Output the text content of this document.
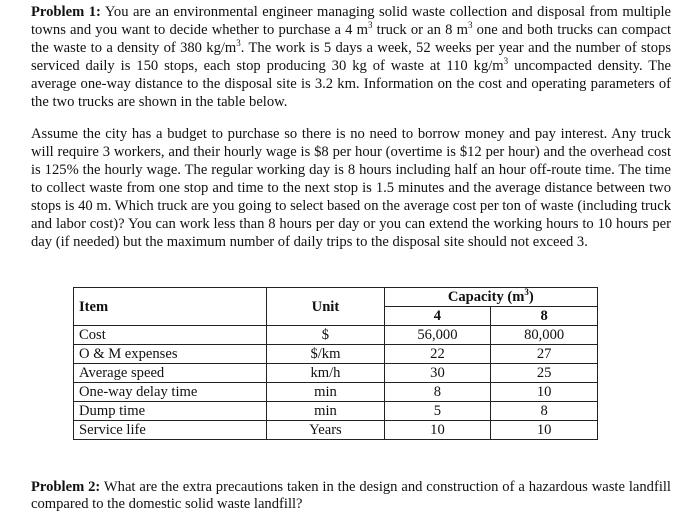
Problem 1: You are an environmental engineer managing solid waste collection and disposal from multiple towns and you want to decide whether to purchase a 4 $m^3$ truck or an 8 $m^3$ one and both trucks can compact the waste to a density of 380 $kg/m^3$. The work is 5 days a week, 52 weeks per year and the number of stops serviced daily is 150 stops, each stop producing 30 kg of waste at 110 $kg/m^3$ uncompacted density. The average one-way distance to the disposal site is 3.2 km. Information on the cost and operating parameters of the two trucks are shown in the table below.

Assume the city has a budget to purchase so there is no need to borrow money and pay interest. Any truck will require 3 workers, and their hourly wage is $8 per hour (overtime is $12 per hour) and the overhead cost is 125% the hourly wage. The regular working day is 8 hours including half an hour off-route time. The time to collect waste from one stop and time to the next stop is 1.5 minutes and the average distance between two stops is 40 m. Which truck are you going to select based on the average cost per ton of waste (including truck and labor cost)? You can work less than 8 hours per day or you can extend the working hours to 10 hours per day (if needed) but the maximum number of daily trips to the disposal site should not exceed 3.

Item	Unit	Capacity $(m^3)$	
		4	8
Cost	$	56,000	80,000
O & M expenses	$/km	22	27
Average speed	km/h	30	25
One-way delay time	min	8	10
Dump time	min	5	8
Service life	Years	10	10

Problem 2: What are the extra precautions taken in the design and construction of a hazardous waste landfill compared to the domestic solid waste landfill?
